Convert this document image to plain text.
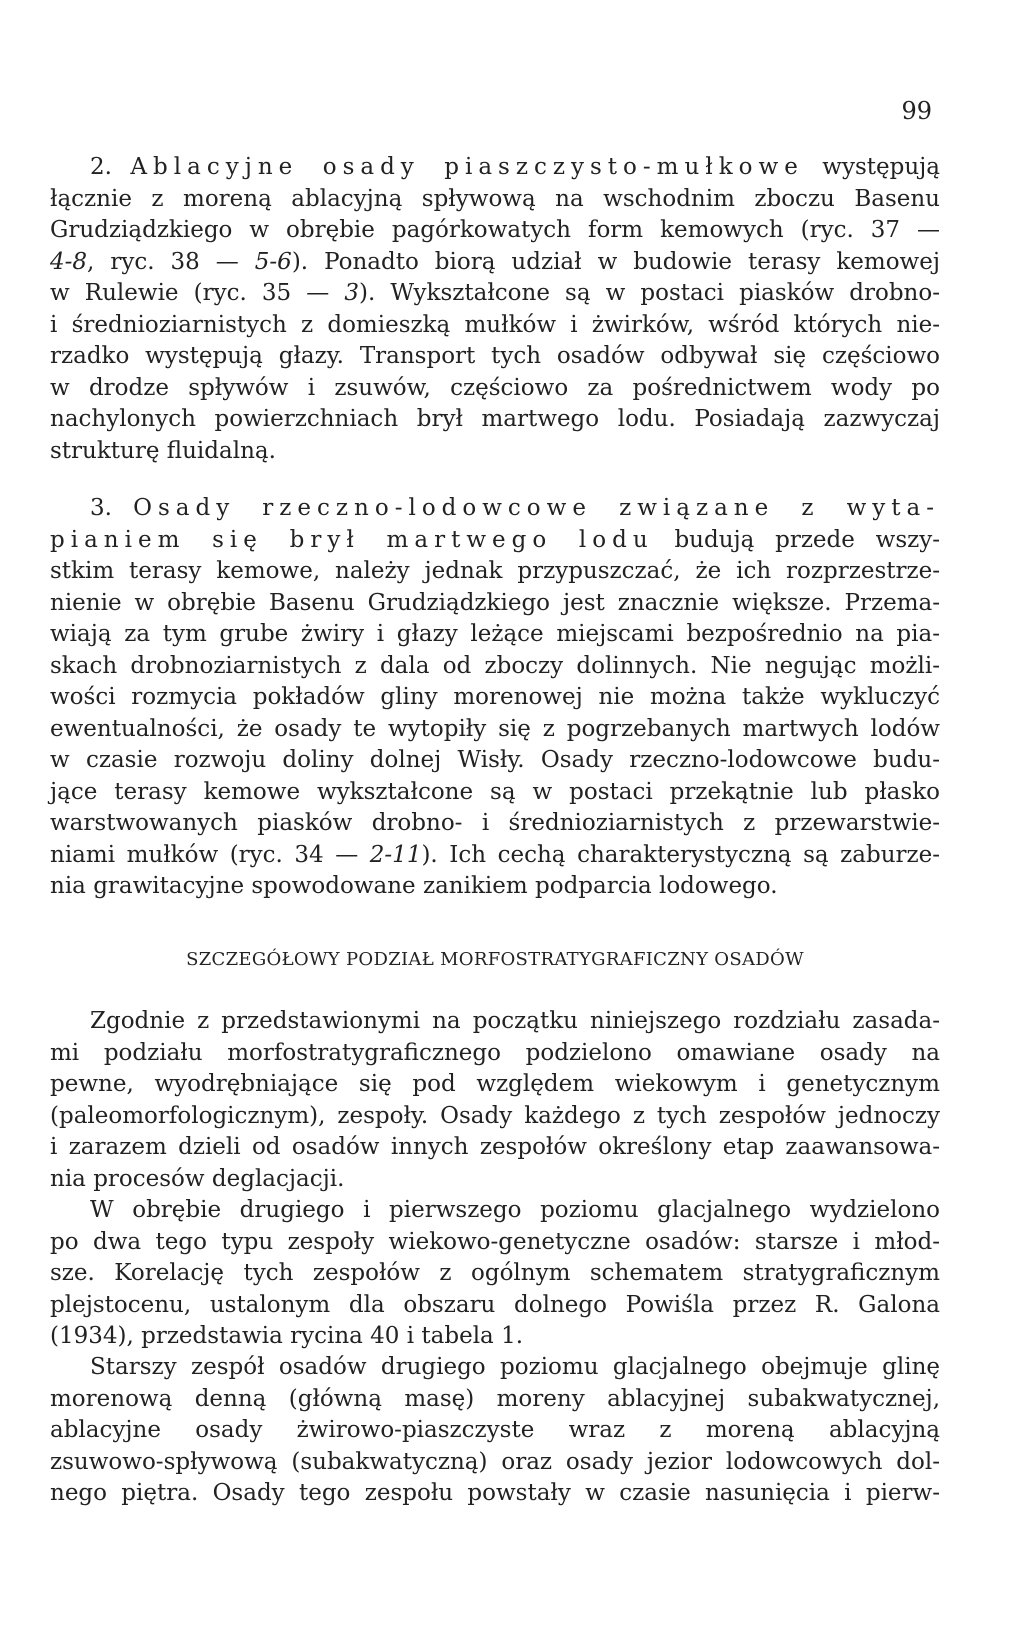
99
2. Ablacyjne osady piaszczysto-mułkowe występują
łącznie z moreną ablacyjną spływową na wschodnim zboczu Basenu
Grudziądzkiego w obrębie pagórkowatych form kemowych (ryc. 37 —
4-8, ryc. 38 — 5-6). Ponadto biorą udział w budowie terasy kemowej
w Rulewie (ryc. 35 — 3). Wykształcone są w postaci piasków drobno-
i średnioziarnistych z domieszką mułków i żwirków, wśród których nie-
rzadko występują głazy. Transport tych osadów odbywał się częściowo
w drodze spływów i zsuwów, częściowo za pośrednictwem wody po
nachylonych powierzchniach brył martwego lodu. Posiadają zazwyczaj
strukturę fluidalną.
3. Osady rzeczno-lodowcowe związane z wyta-
pianiem się brył martwego lodu budują przede wszy-
stkim terasy kemowe, należy jednak przypuszczać, że ich rozprzestrze-
nienie w obrębie Basenu Grudziądzkiego jest znacznie większe. Przema-
wiają za tym grube żwiry i głazy leżące miejscami bezpośrednio na pia-
skach drobnoziarnistych z dala od zboczy dolinnych. Nie negując możli-
wości rozmycia pokładów gliny morenowej nie można także wykluczyć
ewentualności, że osady te wytopiły się z pogrzebanych martwych lodów
w czasie rozwoju doliny dolnej Wisły. Osady rzeczno-lodowcowe budu-
jące terasy kemowe wykształcone są w postaci przekątnie lub płasko
warstwowanych piasków drobno- i średnioziarnistych z przewarstwie-
niami mułków (ryc. 34 — 2-11). Ich cechą charakterystyczną są zaburze-
nia grawitacyjne spowodowane zanikiem podparcia lodowego.
SZCZEGÓŁOWY PODZIAŁ MORFOSTRATYGRAFICZNY OSADÓW
Zgodnie z przedstawionymi na początku niniejszego rozdziału zasada-
mi podziału morfostratygraficznego podzielono omawiane osady na
pewne, wyodrębniające się pod względem wiekowym i genetycznym
(paleomorfologicznym), zespoły. Osady każdego z tych zespołów jednoczy
i zarazem dzieli od osadów innych zespołów określony etap zaawansowa-
nia procesów deglacjacji.
W obrębie drugiego i pierwszego poziomu glacjalnego wydzielono
po dwa tego typu zespoły wiekowo-genetyczne osadów: starsze i młod-
sze. Korelację tych zespołów z ogólnym schematem stratygraficznym
plejstocenu, ustalonym dla obszaru dolnego Powiśla przez R. Galona
(1934), przedstawia rycina 40 i tabela 1.
Starszy zespół osadów drugiego poziomu glacjalnego obejmuje glinę
morenową denną (główną masę) moreny ablacyjnej subakwatycznej,
ablacyjne osady żwirowo-piaszczyste wraz z moreną ablacyjną
zsuwowo-spływową (subakwatyczną) oraz osady jezior lodowcowych dol-
nego piętra. Osady tego zespołu powstały w czasie nasunięcia i pierw-
